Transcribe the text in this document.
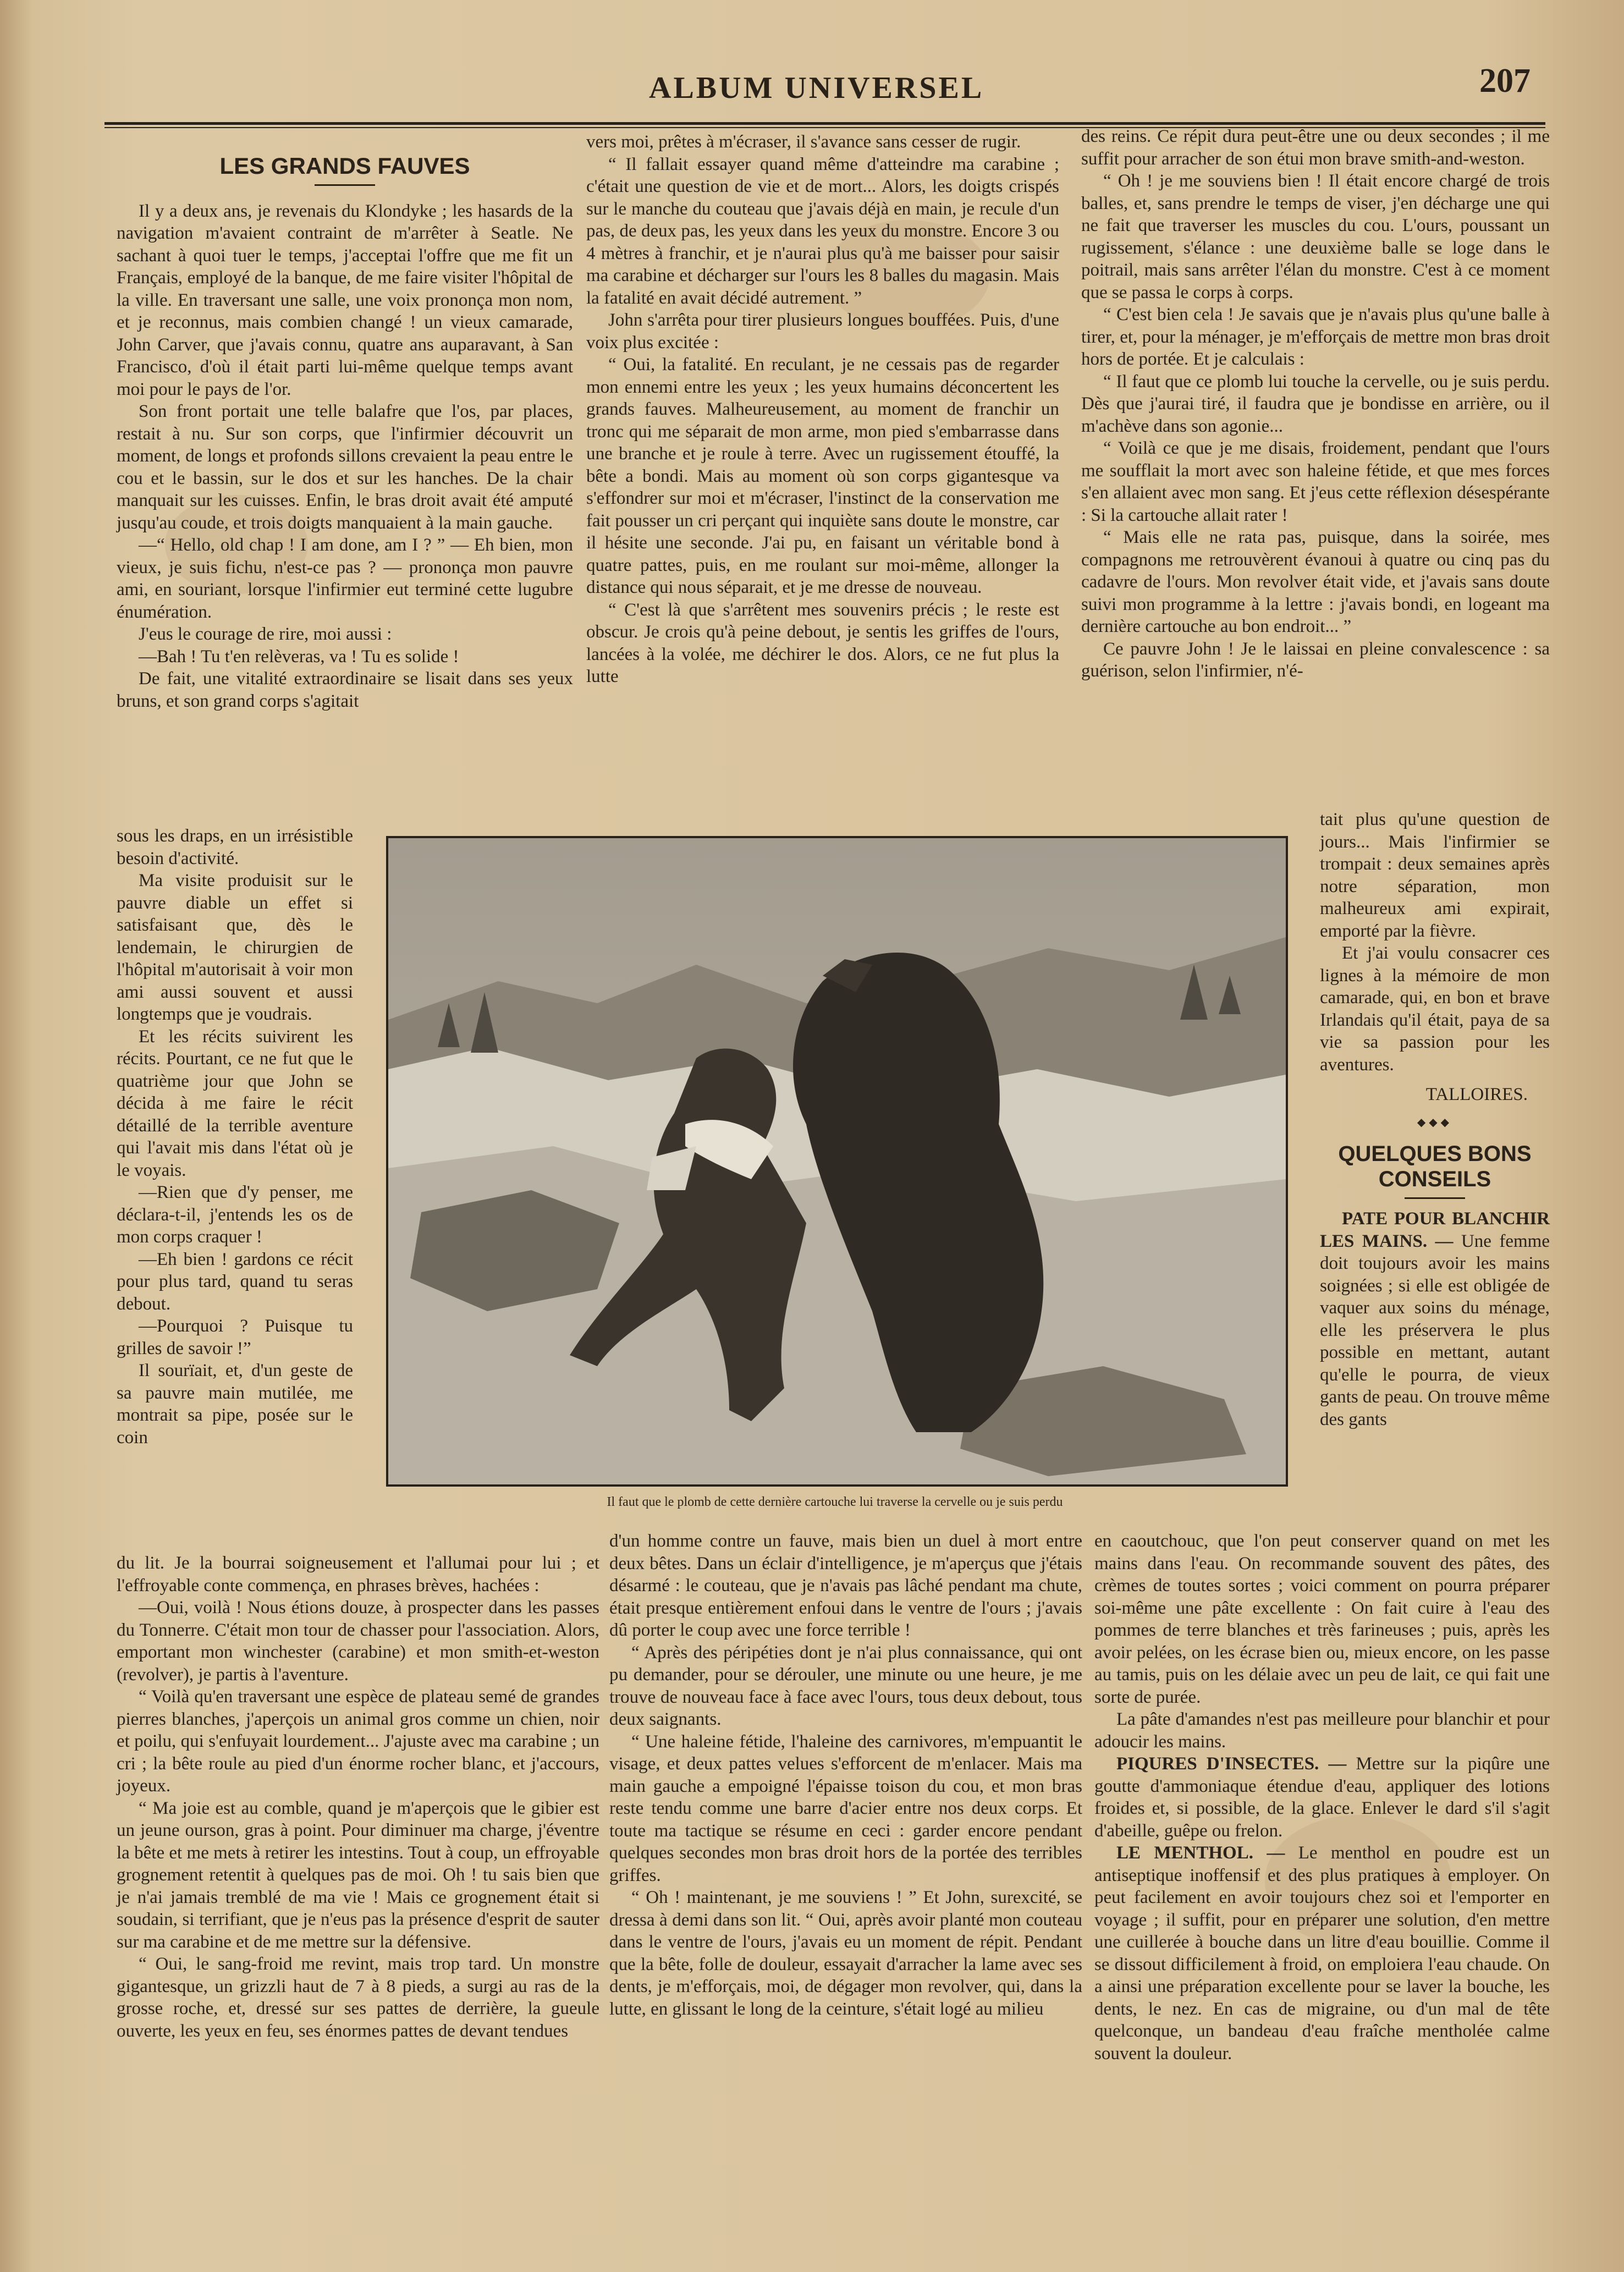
ALBUM UNIVERSEL	207

LES GRANDS FAUVES

Il y a deux ans, je revenais du Klondyke ; les hasards de la navigation m'avaient contraint de m'arrêter à Seatle. Ne sachant à quoi tuer le temps, j'acceptai l'offre que me fit un Français, employé de la banque, de me faire visiter l'hôpital de la ville. En traversant une salle, une voix prononça mon nom, et je reconnus, mais combien changé ! un vieux camarade, John Carver, que j'avais connu, quatre ans auparavant, à San Francisco, d'où il était parti lui-même quelque temps avant moi pour le pays de l'or.

Son front portait une telle balafre que l'os, par places, restait à nu. Sur son corps, que l'infirmier découvrit un moment, de longs et profonds sillons crevaient la peau entre le cou et le bassin, sur le dos et sur les hanches. De la chair manquait sur les cuisses. Enfin, le bras droit avait été amputé jusqu'au coude, et trois doigts manquaient à la main gauche.

—“ Hello, old chap ! I am done, am I ? ” — Eh bien, mon vieux, je suis fichu, n'est-ce pas ? — prononça mon pauvre ami, en souriant, lorsque l'infirmier eut terminé cette lugubre énumération.

J'eus le courage de rire, moi aussi :

—Bah ! Tu t'en relèveras, va ! Tu es solide !

De fait, une vitalité extraordinaire se lisait dans ses yeux bruns, et son grand corps s'agitait

sous les draps, en un irrésistible besoin d'activité.

Ma visite produisit sur le pauvre diable un effet si satisfaisant que, dès le lendemain, le chirurgien de l'hôpital m'autorisait à voir mon ami aussi souvent et aussi longtemps que je voudrais.

Et les récits suivirent les récits. Pourtant, ce ne fut que le quatrième jour que John se décida à me faire le récit détaillé de la terrible aventure qui l'avait mis dans l'état où je le voyais.

—Rien que d'y penser, me déclara-t-il, j'entends les os de mon corps craquer !

—Eh bien ! gardons ce récit pour plus tard, quand tu seras debout.

—Pourquoi ? Puisque tu grilles de savoir !”

Il sourïait, et, d'un geste de sa pauvre main mutilée, me montrait sa pipe, posée sur le coin

du lit. Je la bourrai soigneusement et l'allumai pour lui ; et l'effroyable conte commença, en phrases brèves, hachées :

—Oui, voilà ! Nous étions douze, à prospecter dans les passes du Tonnerre. C'était mon tour de chasser pour l'association. Alors, emportant mon winchester (carabine) et mon smith-et-weston (revolver), je partis à l'aventure.

“ Voilà qu'en traversant une espèce de plateau semé de grandes pierres blanches, j'aperçois un animal gros comme un chien, noir et poilu, qui s'enfuyait lourdement... J'ajuste avec ma carabine ; un cri ; la bête roule au pied d'un énorme rocher blanc, et j'accours, joyeux.

“ Ma joie est au comble, quand je m'aperçois que le gibier est un jeune ourson, gras à point. Pour diminuer ma charge, j'éventre la bête et me mets à retirer les intestins. Tout à coup, un effroyable grognement retentit à quelques pas de moi. Oh ! tu sais bien que je n'ai jamais tremblé de ma vie ! Mais ce grognement était si soudain, si terrifiant, que je n'eus pas la présence d'esprit de sauter sur ma carabine et de me mettre sur la défensive.

“ Oui, le sang-froid me revint, mais trop tard. Un monstre gigantesque, un grizzli haut de 7 à 8 pieds, a surgi au ras de la grosse roche, et, dressé sur ses pattes de derrière, la gueule ouverte, les yeux en feu, ses énormes pattes de devant tendues

vers moi, prêtes à m'écraser, il s'avance sans cesser de rugir.

“ Il fallait essayer quand même d'atteindre ma carabine ; c'était une question de vie et de mort... Alors, les doigts crispés sur le manche du couteau que j'avais déjà en main, je recule d'un pas, de deux pas, les yeux dans les yeux du monstre. Encore 3 ou 4 mètres à franchir, et je n'aurai plus qu'à me baisser pour saisir ma carabine et décharger sur l'ours les 8 balles du magasin. Mais la fatalité en avait décidé autrement. ”

John s'arrêta pour tirer plusieurs longues bouffées. Puis, d'une voix plus excitée :

“ Oui, la fatalité. En reculant, je ne cessais pas de regarder mon ennemi entre les yeux ; les yeux humains déconcertent les grands fauves. Malheureusement, au moment de franchir un tronc qui me séparait de mon arme, mon pied s'embarrasse dans une branche et je roule à terre. Avec un rugissement étouffé, la bête a bondi. Mais au moment où son corps gigantesque va s'effondrer sur moi et m'écraser, l'instinct de la conservation me fait pousser un cri perçant qui inquiète sans doute le monstre, car il hésite une seconde. J'ai pu, en faisant un véritable bond à quatre pattes, puis, en me roulant sur moi-même, allonger la distance qui nous séparait, et je me dresse de nouveau.

“ C'est là que s'arrêtent mes souvenirs précis ; le reste est obscur. Je crois qu'à peine debout, je sentis les griffes de l'ours, lancées à la volée, me déchirer le dos. Alors, ce ne fut plus la lutte

d'un homme contre un fauve, mais bien un duel à mort entre deux bêtes. Dans un éclair d'intelligence, je m'aperçus que j'étais désarmé : le couteau, que je n'avais pas lâché pendant ma chute, était presque entièrement enfoui dans le ventre de l'ours ; j'avais dû porter le coup avec une force terrible !

“ Après des péripéties dont je n'ai plus connaissance, qui ont pu demander, pour se dérouler, une minute ou une heure, je me trouve de nouveau face à face avec l'ours, tous deux debout, tous deux saignants.

“ Une haleine fétide, l'haleine des carnivores, m'empuantit le visage, et deux pattes velues s'efforcent de m'enlacer. Mais ma main gauche a empoigné l'épaisse toison du cou, et mon bras reste tendu comme une barre d'acier entre nos deux corps. Et toute ma tactique se résume en ceci : garder encore pendant quelques secondes mon bras droit hors de la portée des terribles griffes.

“ Oh ! maintenant, je me souviens ! ” Et John, surexcité, se dressa à demi dans son lit. “ Oui, après avoir planté mon couteau dans le ventre de l'ours, j'avais eu un moment de répit. Pendant que la bête, folle de douleur, essayait d'arracher la lame avec ses dents, je m'efforçais, moi, de dégager mon revolver, qui, dans la lutte, en glissant le long de la ceinture, s'était logé au milieu

des reins. Ce répit dura peut-être une ou deux secondes ; il me suffit pour arracher de son étui mon brave smith-and-weston.

“ Oh ! je me souviens bien ! Il était encore chargé de trois balles, et, sans prendre le temps de viser, j'en décharge une qui ne fait que traverser les muscles du cou. L'ours, poussant un rugissement, s'élance : une deuxième balle se loge dans le poitrail, mais sans arrêter l'élan du monstre. C'est à ce moment que se passa le corps à corps.

“ C'est bien cela ! Je savais que je n'avais plus qu'une balle à tirer, et, pour la ménager, je m'efforçais de mettre mon bras droit hors de portée. Et je calculais :

“ Il faut que ce plomb lui touche la cervelle, ou je suis perdu. Dès que j'aurai tiré, il faudra que je bondisse en arrière, ou il m'achève dans son agonie...

“ Voilà ce que je me disais, froidement, pendant que l'ours me soufflait la mort avec son haleine fétide, et que mes forces s'en allaient avec mon sang. Et j'eus cette réflexion désespérante : Si la cartouche allait rater !

“ Mais elle ne rata pas, puisque, dans la soirée, mes compagnons me retrouvèrent évanoui à quatre ou cinq pas du cadavre de l'ours. Mon revolver était vide, et j'avais sans doute suivi mon programme à la lettre : j'avais bondi, en logeant ma dernière cartouche au bon endroit... ”

Ce pauvre John ! Je le laissai en pleine convalescence : sa guérison, selon l'infirmier, n'é-

tait plus qu'une question de jours... Mais l'infirmier se trompait : deux semaines après notre séparation, mon malheureux ami expirait, emporté par la fièvre.

Et j'ai voulu consacrer ces lignes à la mémoire de mon camarade, qui, en bon et brave Irlandais qu'il était, paya de sa vie sa passion pour les aventures.

TALLOIRES.

◆◆◆

QUELQUES BONS

CONSEILS

PATE POUR BLANCHIR LES MAINS. — Une femme doit toujours avoir les mains soignées ; si elle est obligée de vaquer aux soins du ménage, elle les préservera le plus possible en mettant, autant qu'elle le pourra, de vieux gants de peau. On trouve même des gants

en caoutchouc, que l'on peut conserver quand on met les mains dans l'eau. On recommande souvent des pâtes, des crèmes de toutes sortes ; voici comment on pourra préparer soi-même une pâte excellente : On fait cuire à l'eau des pommes de terre blanches et très farineuses ; puis, après les avoir pelées, on les écrase bien ou, mieux encore, on les passe au tamis, puis on les délaie avec un peu de lait, ce qui fait une sorte de purée.

La pâte d'amandes n'est pas meilleure pour blanchir et pour adoucir les mains.

PIQURES D'INSECTES. — Mettre sur la piqûre une goutte d'ammoniaque étendue d'eau, appliquer des lotions froides et, si possible, de la glace. Enlever le dard s'il s'agit d'abeille, guêpe ou frelon.

LE MENTHOL. — Le menthol en poudre est un antiseptique inoffensif et des plus pratiques à employer. On peut facilement en avoir toujours chez soi et l'emporter en voyage ; il suffit, pour en préparer une solution, d'en mettre une cuillerée à bouche dans un litre d'eau bouillie. Comme il se dissout difficilement à froid, on emploiera l'eau chaude. On a ainsi une préparation excellente pour se laver la bouche, les dents, le nez. En cas de migraine, ou d'un mal de tête quelconque, un bandeau d'eau fraîche mentholée calme souvent la douleur.

Il faut que le plomb de cette dernière cartouche lui traverse la cervelle ou je suis perdu
